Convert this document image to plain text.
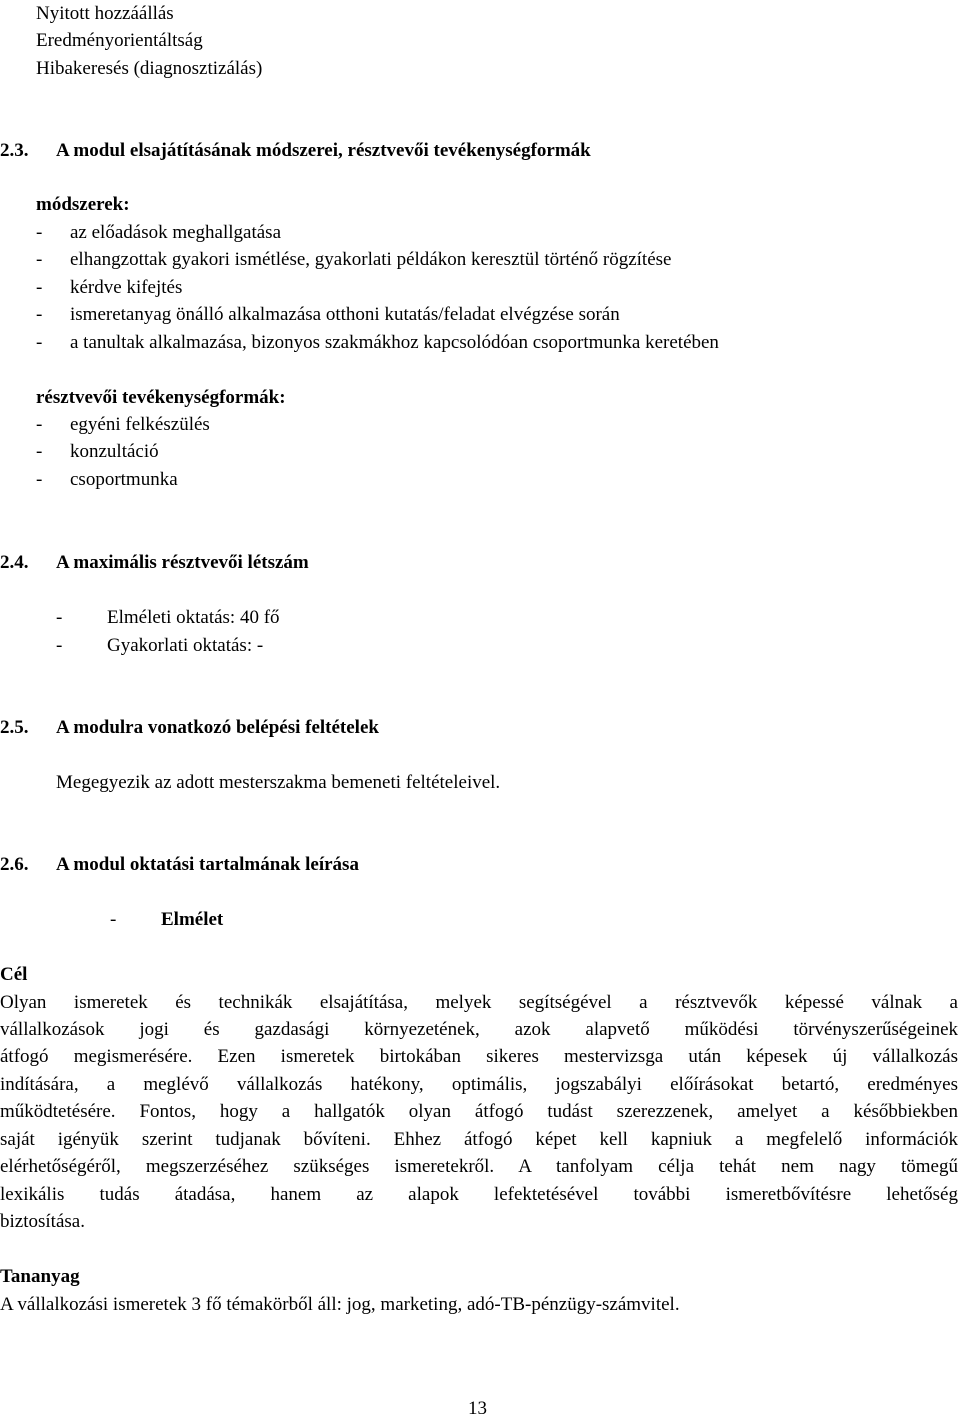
Nyitott hozzáállás
Eredményorientáltság
Hibakeresés (diagnosztizálás)
2.3. A modul elsajátításának módszerei, résztvevői tevékenységformák
módszerek:
- az előadások meghallgatása
- elhangzottak gyakori ismétlése, gyakorlati példákon keresztül történő rögzítése
- kérdve kifejtés
- ismeretanyag önálló alkalmazása otthoni kutatás/feladat elvégzése során
- a tanultak alkalmazása, bizonyos szakmákhoz kapcsolódóan csoportmunka keretében
résztvevői tevékenységformák:
- egyéni felkészülés
- konzultáció
- csoportmunka
2.4. A maximális résztvevői létszám
- Elméleti oktatás: 40 fő
- Gyakorlati oktatás: -
2.5. A modulra vonatkozó belépési feltételek
Megegyezik az adott mesterszakma bemeneti feltételeivel.
2.6. A modul oktatási tartalmának leírása
- Elmélet
Cél
Olyan ismeretek és technikák elsajátítása, melyek segítségével a résztvevők képessé válnak a
vállalkozások jogi és gazdasági környezetének, azok alapvető működési törvényszerűségeinek
átfogó megismerésére. Ezen ismeretek birtokában sikeres mestervizsga után képesek új vállalkozás
indítására, a meglévő vállalkozás hatékony, optimális, jogszabályi előírásokat betartó, eredményes
működtetésére. Fontos, hogy a hallgatók olyan átfogó tudást szerezzenek, amelyet a későbbiekben
saját igényük szerint tudjanak bővíteni. Ehhez átfogó képet kell kapniuk a megfelelő információk
elérhetőségéről, megszerzéséhez szükséges ismeretekről. A tanfolyam célja tehát nem nagy tömegű
lexikális tudás átadása, hanem az alapok lefektetésével további ismeretbővítésre lehetőség
biztosítása.
Tananyag
A vállalkozási ismeretek 3 fő témakörből áll: jog, marketing, adó-TB-pénzügy-számvitel.
13
